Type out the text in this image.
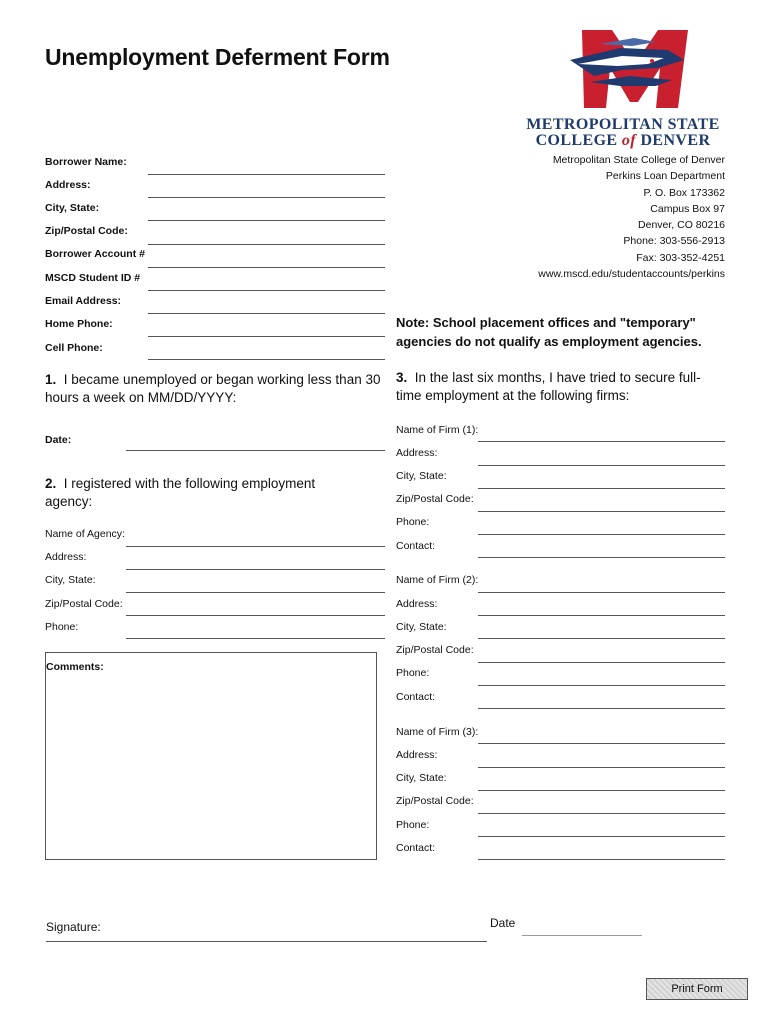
Unemployment Deferment Form
METROPOLITAN STATE
COLLEGE of DENVER
Metropolitan State College of Denver
Perkins Loan Department
P. O. Box 173362
Campus Box 97
Denver, CO 80216
Phone: 303-556-2913
Fax: 303-352-4251
www.mscd.edu/studentaccounts/perkins
Borrower Name:
Address:
City, State:
Zip/Postal Code:
Borrower Account #
MSCD Student ID #
Email Address:
Home Phone:
Cell Phone:
Note: School placement offices and "temporary" agencies do not qualify as employment agencies.
1. I became unemployed or began working less than 30 hours a week on MM/DD/YYYY:
Date:
2. I registered with the following employment agency:
Name of Agency:
Address:
City, State:
Zip/Postal Code:
Phone:
Comments:
3. In the last six months, I have tried to secure full-time employment at the following firms:
Name of Firm (1):
Address:
City, State:
Zip/Postal Code:
Phone:
Contact:
Name of Firm (2):
Address:
City, State:
Zip/Postal Code:
Phone:
Contact:
Name of Firm (3):
Address:
City, State:
Zip/Postal Code:
Phone:
Contact:
Signature:	Date
Print Form
